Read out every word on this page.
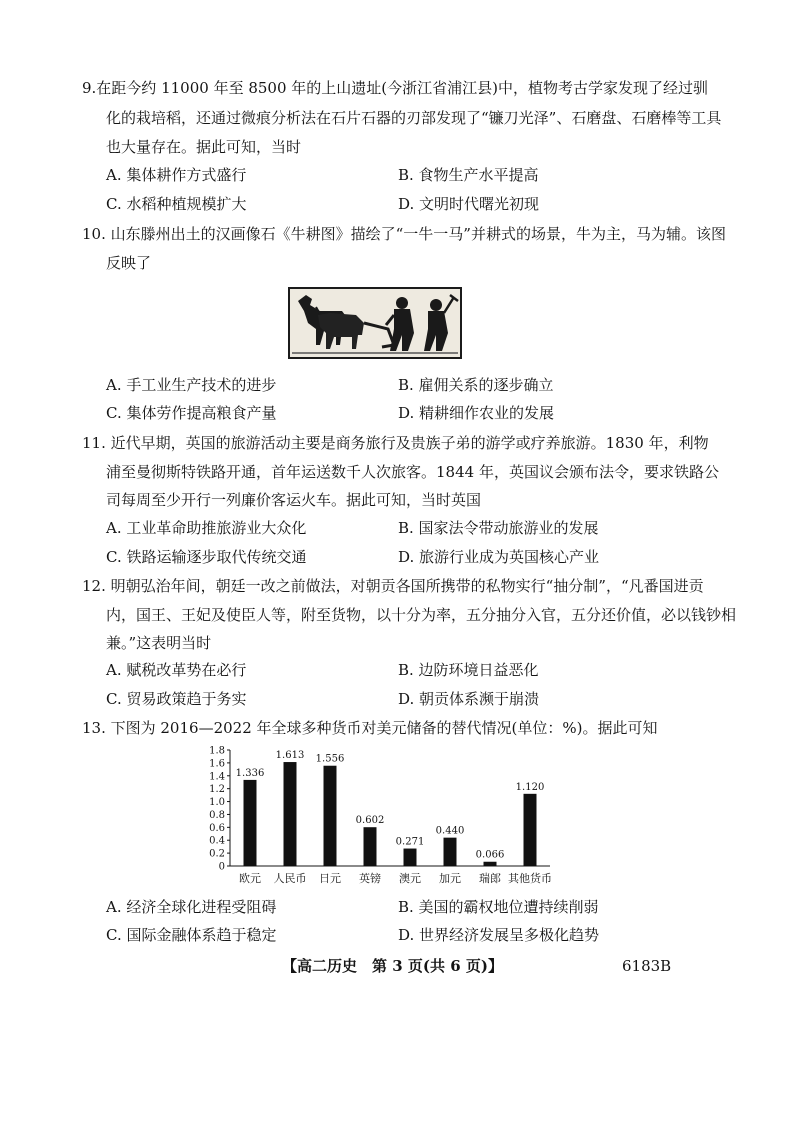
9.在距今约 11000 年至 8500 年的上山遗址(今浙江省浦江县)中，植物考古学家发现了经过驯
化的栽培稻，还通过微痕分析法在石片石器的刃部发现了“镰刀光泽”、石磨盘、石磨棒等工具
也大量存在。据此可知，当时
A. 集体耕作方式盛行	B. 食物生产水平提高
C. 水稻种植规模扩大	D. 文明时代曙光初现
10. 山东滕州出土的汉画像石《牛耕图》描绘了“一牛一马”并耕式的场景，牛为主，马为辅。该图
反映了
A. 手工业生产技术的进步	B. 雇佣关系的逐步确立
C. 集体劳作提高粮食产量	D. 精耕细作农业的发展
11. 近代早期，英国的旅游活动主要是商务旅行及贵族子弟的游学或疗养旅游。1830 年，利物
浦至曼彻斯特铁路开通，首年运送数千人次旅客。1844 年，英国议会颁布法令，要求铁路公
司每周至少开行一列廉价客运火车。据此可知，当时英国
A. 工业革命助推旅游业大众化	B. 国家法令带动旅游业的发展
C. 铁路运输逐步取代传统交通	D. 旅游行业成为英国核心产业
12. 明朝弘治年间，朝廷一改之前做法，对朝贡各国所携带的私物实行“抽分制”，“凡番国进贡
内，国王、王妃及使臣人等，附至货物，以十分为率，五分抽分入官，五分还价值，必以钱钞相
兼。”这表明当时
A. 赋税改革势在必行	B. 边防环境日益恶化
C. 贸易政策趋于务实	D. 朝贡体系濒于崩溃
13. 下图为 2016—2022 年全球多种货币对美元储备的替代情况(单位：%)。据此可知
0
0.2
0.4
0.6
0.8
1.0
1.2
1.4
1.6
1.8
1.336
欧元
1.613
人民币
1.556
日元
0.602
英镑
0.271
澳元
0.440
加元
0.066
瑞郎
1.120
其他货币
A. 经济全球化进程受阻碍	B. 美国的霸权地位遭持续削弱
C. 国际金融体系趋于稳定	D. 世界经济发展呈多极化趋势
【高二历史　第 3 页(共 6 页)】	6183B
